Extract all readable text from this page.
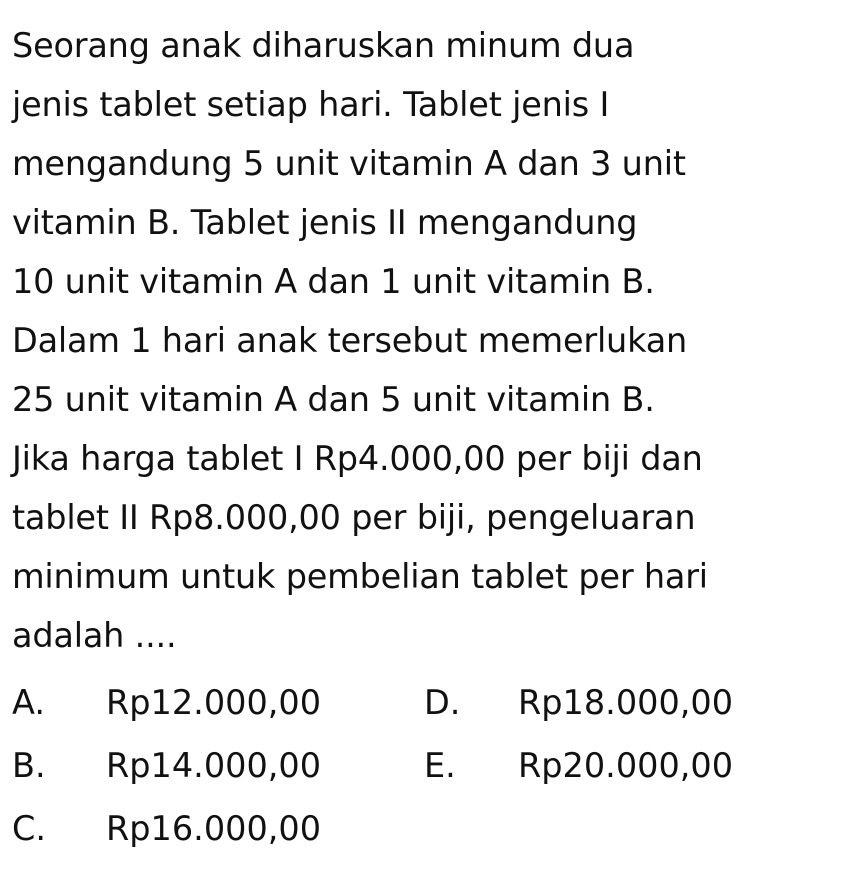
Seorang anak diharuskan minum dua
jenis tablet setiap hari. Tablet jenis I
mengandung 5 unit vitamin A dan 3 unit
vitamin B. Tablet jenis II mengandung
10 unit vitamin A dan 1 unit vitamin B.
Dalam 1 hari anak tersebut memerlukan
25 unit vitamin A dan 5 unit vitamin B.
Jika harga tablet I Rp4.000,00 per biji dan
tablet II Rp8.000,00 per biji, pengeluaran
minimum untuk pembelian tablet per hari
adalah ....
A. Rp12.000,00	D. Rp18.000,00
B. Rp14.000,00	E. Rp20.000,00
C. Rp16.000,00
